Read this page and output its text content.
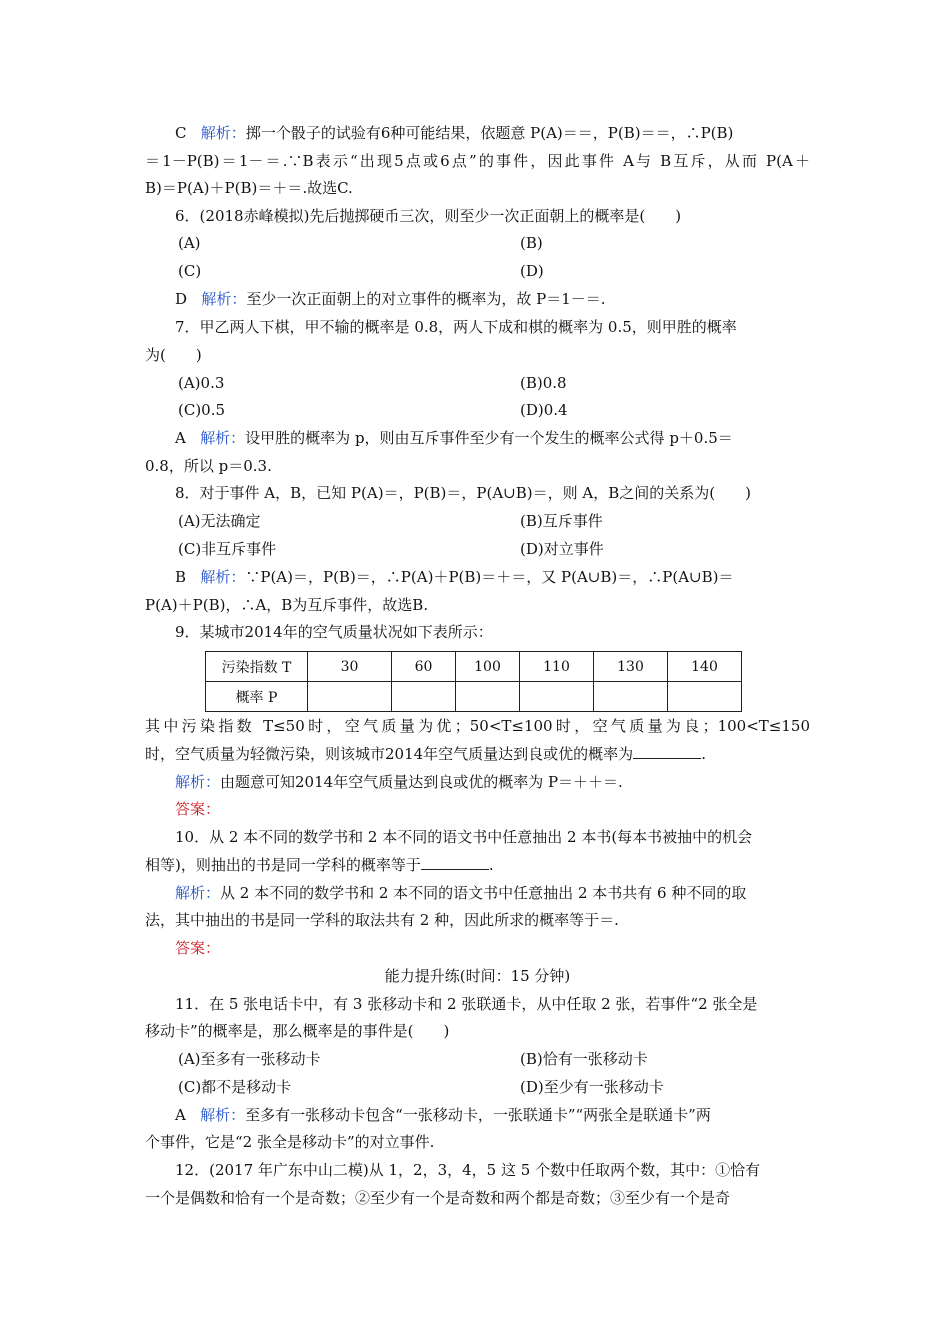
C 解析：掷一个骰子的试验有6种可能结果，依题意 P(A)＝＝，P(B)＝＝，∴P(B)
＝1－P(B)＝1－＝.∵B表示“出现5点或6点”的事件，因此事件 A与 B互斥，从而 P(A＋
B)＝P(A)＋P(B)＝＋＝.故选C.
6．(2018赤峰模拟)先后抛掷硬币三次，则至少一次正面朝上的概率是(　　)
(A)	(B)
(C)	(D)
D 解析：至少一次正面朝上的对立事件的概率为，故 P＝1－＝.
7．甲乙两人下棋，甲不输的概率是 0.8，两人下成和棋的概率为 0.5，则甲胜的概率
为(　　)
(A)0.3	(B)0.8
(C)0.5	(D)0.4
A 解析：设甲胜的概率为 p，则由互斥事件至少有一个发生的概率公式得 p＋0.5＝
0.8，所以 p＝0.3.
8．对于事件 A，B，已知 P(A)＝，P(B)＝，P(A∪B)＝，则 A，B之间的关系为(　　)
(A)无法确定	(B)互斥事件
(C)非互斥事件	(D)对立事件
B 解析：∵P(A)＝，P(B)＝，∴P(A)＋P(B)＝＋＝，又 P(A∪B)＝，∴P(A∪B)＝
P(A)＋P(B)，∴A，B为互斥事件，故选B.
9．某城市2014年的空气质量状况如下表所示：
污染指数 T	30	60	100	110	130	140
概率 P						
其中污染指数 T≤50时，空气质量为优；50<T≤100时，空气质量为良；100<T≤150
时，空气质量为轻微污染，则该城市2014年空气质量达到良或优的概率为	.
解析：由题意可知2014年空气质量达到良或优的概率为 P＝＋＋＝.
答案：
10．从 2 本不同的数学书和 2 本不同的语文书中任意抽出 2 本书(每本书被抽中的机会
相等)，则抽出的书是同一学科的概率等于	.
解析：从 2 本不同的数学书和 2 本不同的语文书中任意抽出 2 本书共有 6 种不同的取
法，其中抽出的书是同一学科的取法共有 2 种，因此所求的概率等于＝.
答案：
能力提升练(时间：15 分钟)
11．在 5 张电话卡中，有 3 张移动卡和 2 张联通卡，从中任取 2 张，若事件“2 张全是
移动卡”的概率是，那么概率是的事件是(　　)
(A)至多有一张移动卡	(B)恰有一张移动卡
(C)都不是移动卡	(D)至少有一张移动卡
A 解析：至多有一张移动卡包含“一张移动卡，一张联通卡”“两张全是联通卡”两
个事件，它是“2 张全是移动卡”的对立事件.
12．(2017 年广东中山二模)从 1，2，3，4，5 这 5 个数中任取两个数，其中：①恰有
一个是偶数和恰有一个是奇数；②至少有一个是奇数和两个都是奇数；③至少有一个是奇
